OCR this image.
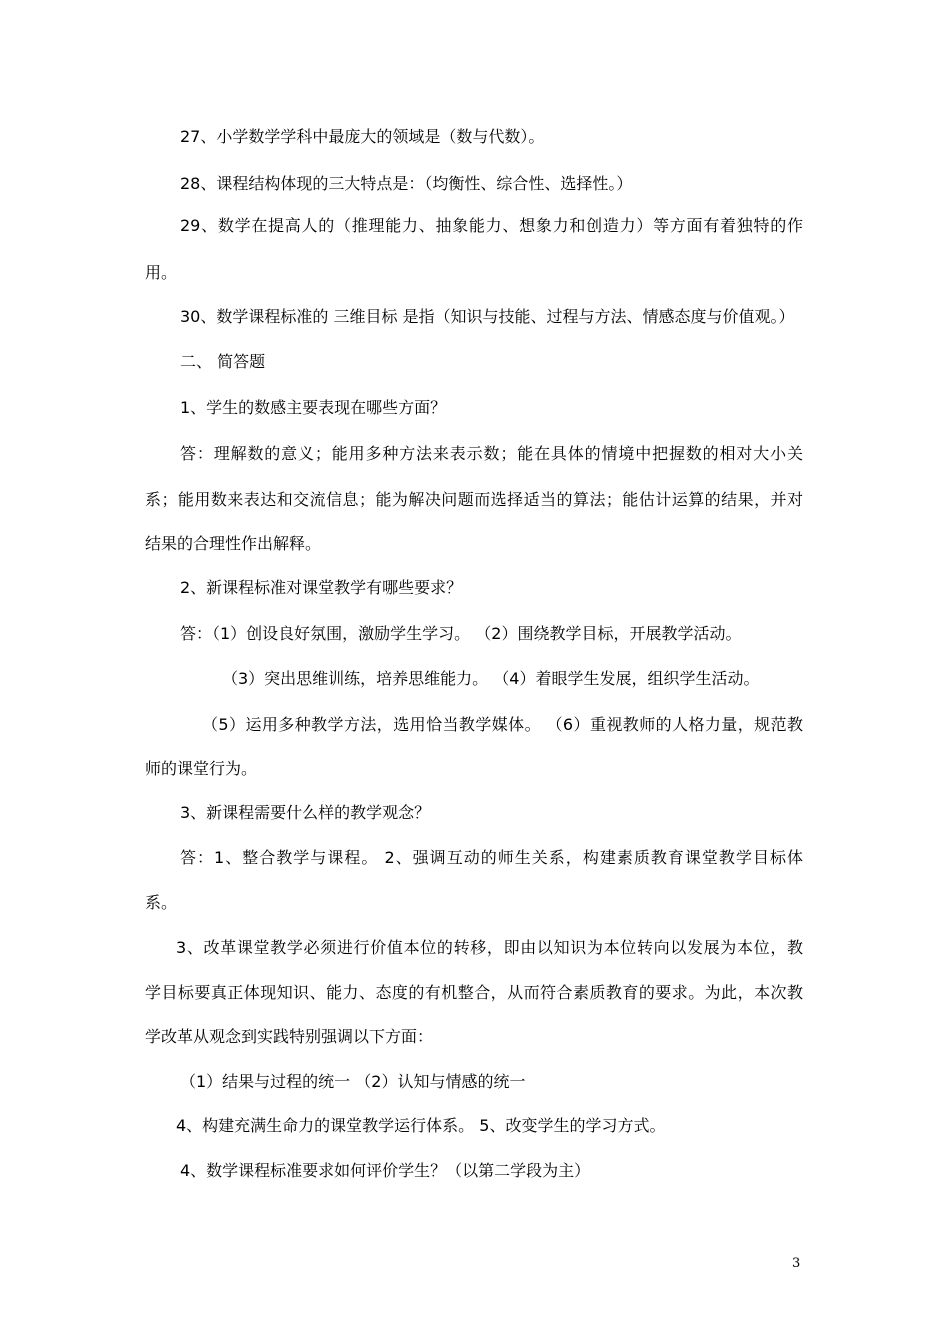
27、小学数学学科中最庞大的领域是（数与代数）。

28、课程结构体现的三大特点是：（均衡性、综合性、选择性。）

29、数学在提高人的（推理能力、抽象能力、想象力和创造力）等方面有着独特的作

用。

30、数学课程标准的 三维目标 是指（知识与技能、过程与方法、情感态度与价值观。）

二、 简答题

1、学生的数感主要表现在哪些方面？

答：理解数的意义；能用多种方法来表示数；能在具体的情境中把握数的相对大小关

系；能用数来表达和交流信息；能为解决问题而选择适当的算法；能估计运算的结果，并对

结果的合理性作出解释。

2、新课程标准对课堂教学有哪些要求？

答：（1）创设良好氛围，激励学生学习。 （2）围绕教学目标，开展教学活动。

（3）突出思维训练，培养思维能力。 （4）着眼学生发展，组织学生活动。

（5）运用多种教学方法，选用恰当教学媒体。 （6）重视教师的人格力量，规范教

师的课堂行为。

3、新课程需要什么样的教学观念？

答：1、整合教学与课程。 2、强调互动的师生关系，构建素质教育课堂教学目标体

系。

3、改革课堂教学必须进行价值本位的转移，即由以知识为本位转向以发展为本位，教

学目标要真正体现知识、能力、态度的有机整合，从而符合素质教育的要求。为此，本次教

学改革从观念到实践特别强调以下方面：

（1）结果与过程的统一 （2）认知与情感的统一

4、构建充满生命力的课堂教学运行体系。 5、改变学生的学习方式。

4、数学课程标准要求如何评价学生？（以第二学段为主）

3
